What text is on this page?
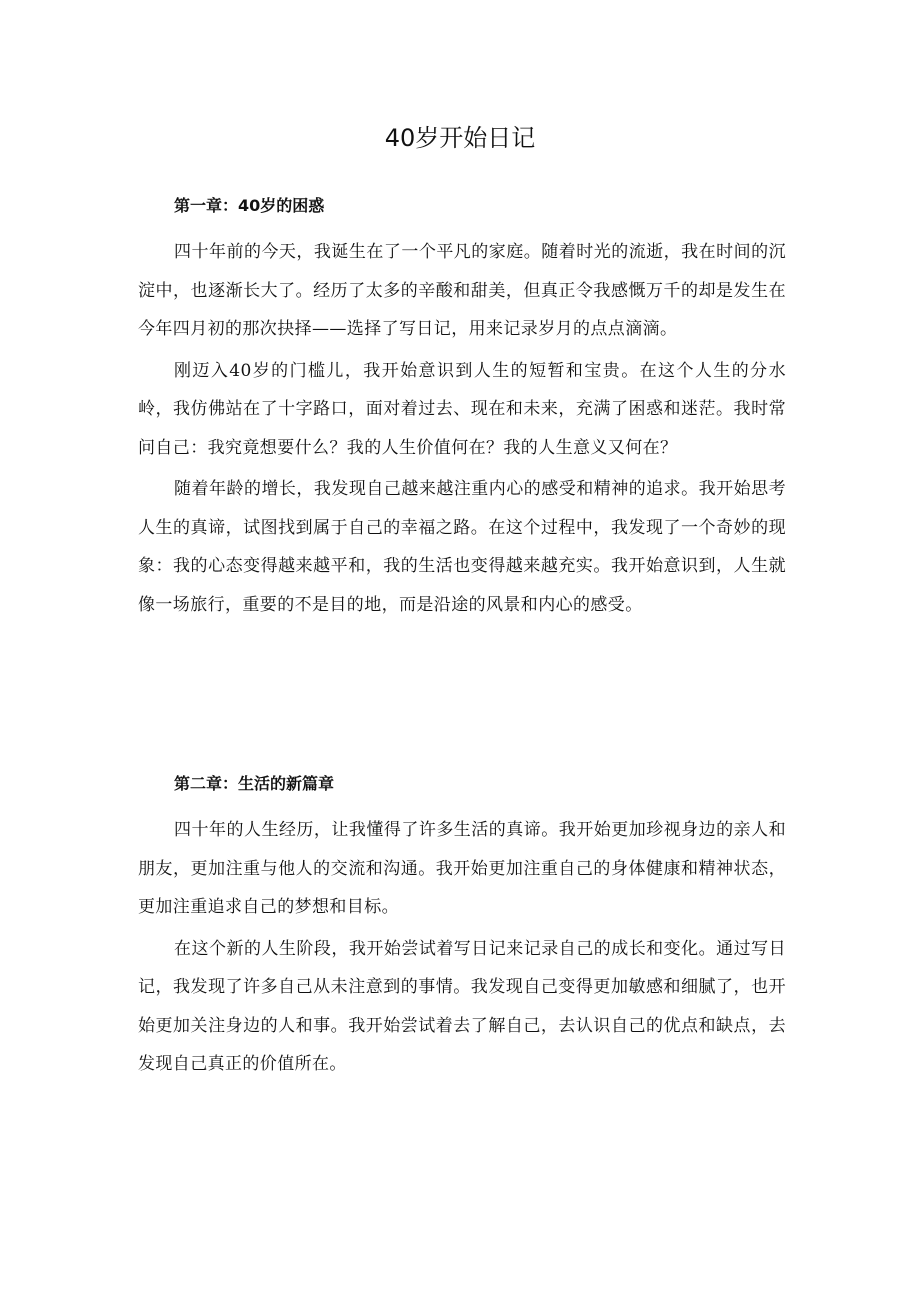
40岁开始日记
第一章：40岁的困惑

四十年前的今天，我诞生在了一个平凡的家庭。随着时光的流逝，我在时间的沉淀中，也逐渐长大了。经历了太多的辛酸和甜美，但真正令我感慨万千的却是发生在今年四月初的那次抉择——选择了写日记，用来记录岁月的点点滴滴。

刚迈入40岁的门槛儿，我开始意识到人生的短暂和宝贵。在这个人生的分水岭，我仿佛站在了十字路口，面对着过去、现在和未来，充满了困惑和迷茫。我时常问自己：我究竟想要什么？我的人生价值何在？我的人生意义又何在？

随着年龄的增长，我发现自己越来越注重内心的感受和精神的追求。我开始思考人生的真谛，试图找到属于自己的幸福之路。在这个过程中，我发现了一个奇妙的现象：我的心态变得越来越平和，我的生活也变得越来越充实。我开始意识到，人生就像一场旅行，重要的不是目的地，而是沿途的风景和内心的感受。

第二章：生活的新篇章

四十年的人生经历，让我懂得了许多生活的真谛。我开始更加珍视身边的亲人和朋友，更加注重与他人的交流和沟通。我开始更加注重自己的身体健康和精神状态，更加注重追求自己的梦想和目标。

在这个新的人生阶段，我开始尝试着写日记来记录自己的成长和变化。通过写日记，我发现了许多自己从未注意到的事情。我发现自己变得更加敏感和细腻了，也开始更加关注身边的人和事。我开始尝试着去了解自己，去认识自己的优点和缺点，去发现自己真正的价值所在。
